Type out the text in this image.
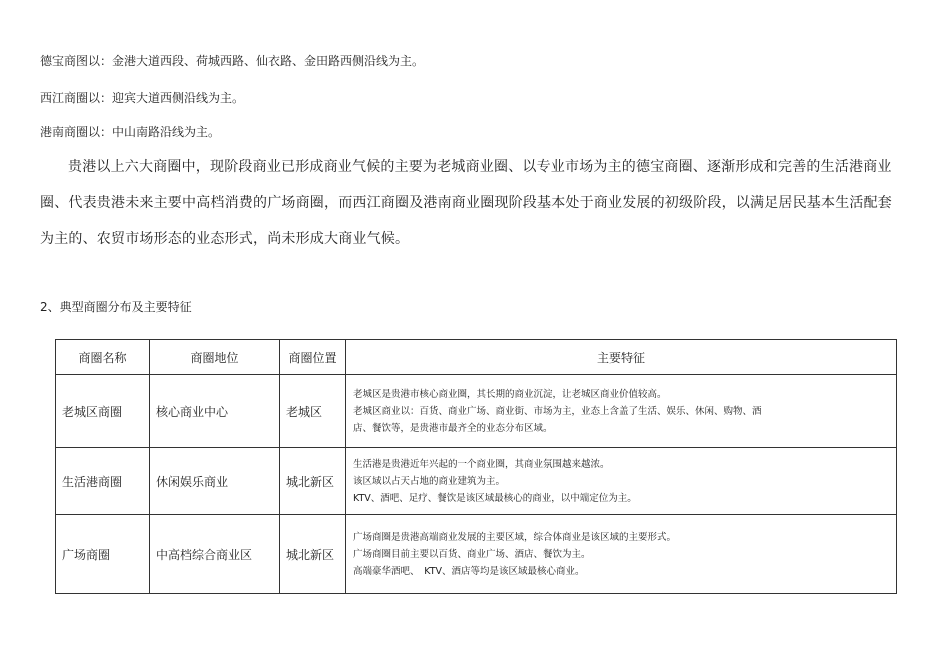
德宝商图以：金港大道西段、荷城西路、仙衣路、金田路西侧沿线为主。
西江商圈以：迎宾大道西侧沿线为主。
港南商圈以：中山南路沿线为主。
贵港以上六大商圈中，现阶段商业已形成商业气候的主要为老城商业圈、以专业市场为主的德宝商圈、逐渐形成和完善的生活港商业圈、代表贵港未来主要中高档消费的广场商圈，而西江商圈及港南商业圈现阶段基本处于商业发展的初级阶段，以满足居民基本生活配套为主的、农贸市场形态的业态形式，尚未形成大商业气候。
2、典型商圈分布及主要特征
商圈名称	商圈地位	商圈位置	主要特征
老城区商圈	核心商业中心	老城区	老城区是贵港市核心商业圈，其长期的商业沉淀，让老城区商业价值较高。
老城区商业以：百货、商业广场、商业街、市场为主，业态上含盖了生活、娱乐、休闲、购物、酒
店、餐饮等，是贵港市最齐全的业态分布区域。

生活港商圈	休闲娱乐商业	城北新区	生活港是贵港近年兴起的一个商业圈，其商业氛围越来越浓。
该区域以占天占地的商业建筑为主。
KTV、酒吧、足疗、餐饮是该区域最核心的商业，以中端定位为主。

广场商圈	中高档综合商业区	城北新区	广场商圈是贵港高端商业发展的主要区域，综合体商业是该区域的主要形式。
广场商圈目前主要以百货、商业广场、酒店、餐饮为主。
高端豪华酒吧、　KTV、酒店等均是该区域最核心商业。
